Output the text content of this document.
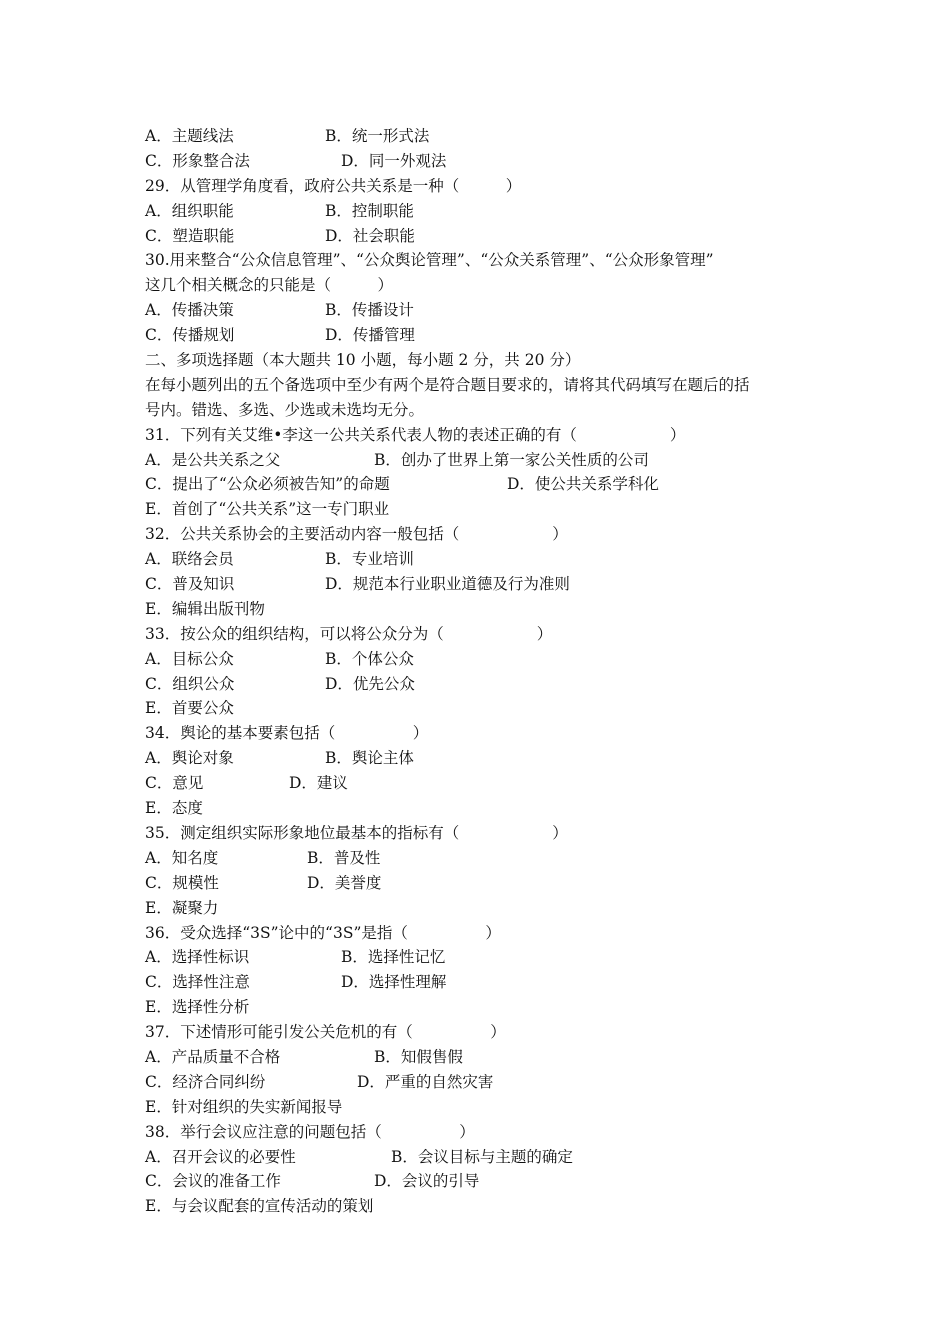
A．主题线法	B．统一形式法
C．形象整合法	D．同一外观法
29．从管理学角度看，政府公共关系是一种（　　　）
A．组织职能	B．控制职能
C．塑造职能	D．社会职能
30.用来整合“公众信息管理”、“公众舆论管理”、“公众关系管理”、“公众形象管理”
这几个相关概念的只能是（　　　）
A．传播决策	B．传播设计
C．传播规划	D．传播管理
二、多项选择题（本大题共 10 小题，每小题 2 分，共 20 分）
在每小题列出的五个备选项中至少有两个是符合题目要求的，请将其代码填写在题后的括
号内。错选、多选、少选或未选均无分。
31．下列有关艾维•李这一公共关系代表人物的表述正确的有（　　　　　　）
A．是公共关系之父	B．创办了世界上第一家公关性质的公司
C．提出了“公众必须被告知”的命题	D．使公共关系学科化
E．首创了“公共关系”这一专门职业
32．公共关系协会的主要活动内容一般包括（　　　　　　）
A．联络会员	B．专业培训
C．普及知识	D．规范本行业职业道德及行为准则
E．编辑出版刊物
33．按公众的组织结构，可以将公众分为（　　　　　　）
A．目标公众	B．个体公众
C．组织公众	D．优先公众
E．首要公众
34．舆论的基本要素包括（　　　　　）
A．舆论对象	B．舆论主体
C．意见	D．建议
E．态度
35．测定组织实际形象地位最基本的指标有（　　　　　　）
A．知名度	B．普及性
C．规模性	D．美誉度
E．凝聚力
36．受众选择“3S”论中的“3S”是指（　　　　　）
A．选择性标识	B．选择性记忆
C．选择性注意	D．选择性理解
E．选择性分析
37．下述情形可能引发公关危机的有（　　　　　）
A．产品质量不合格	B．知假售假
C．经济合同纠纷	D．严重的自然灾害
E．针对组织的失实新闻报导
38．举行会议应注意的问题包括（　　　　　）
A．召开会议的必要性	B．会议目标与主题的确定
C．会议的准备工作	D．会议的引导
E．与会议配套的宣传活动的策划
